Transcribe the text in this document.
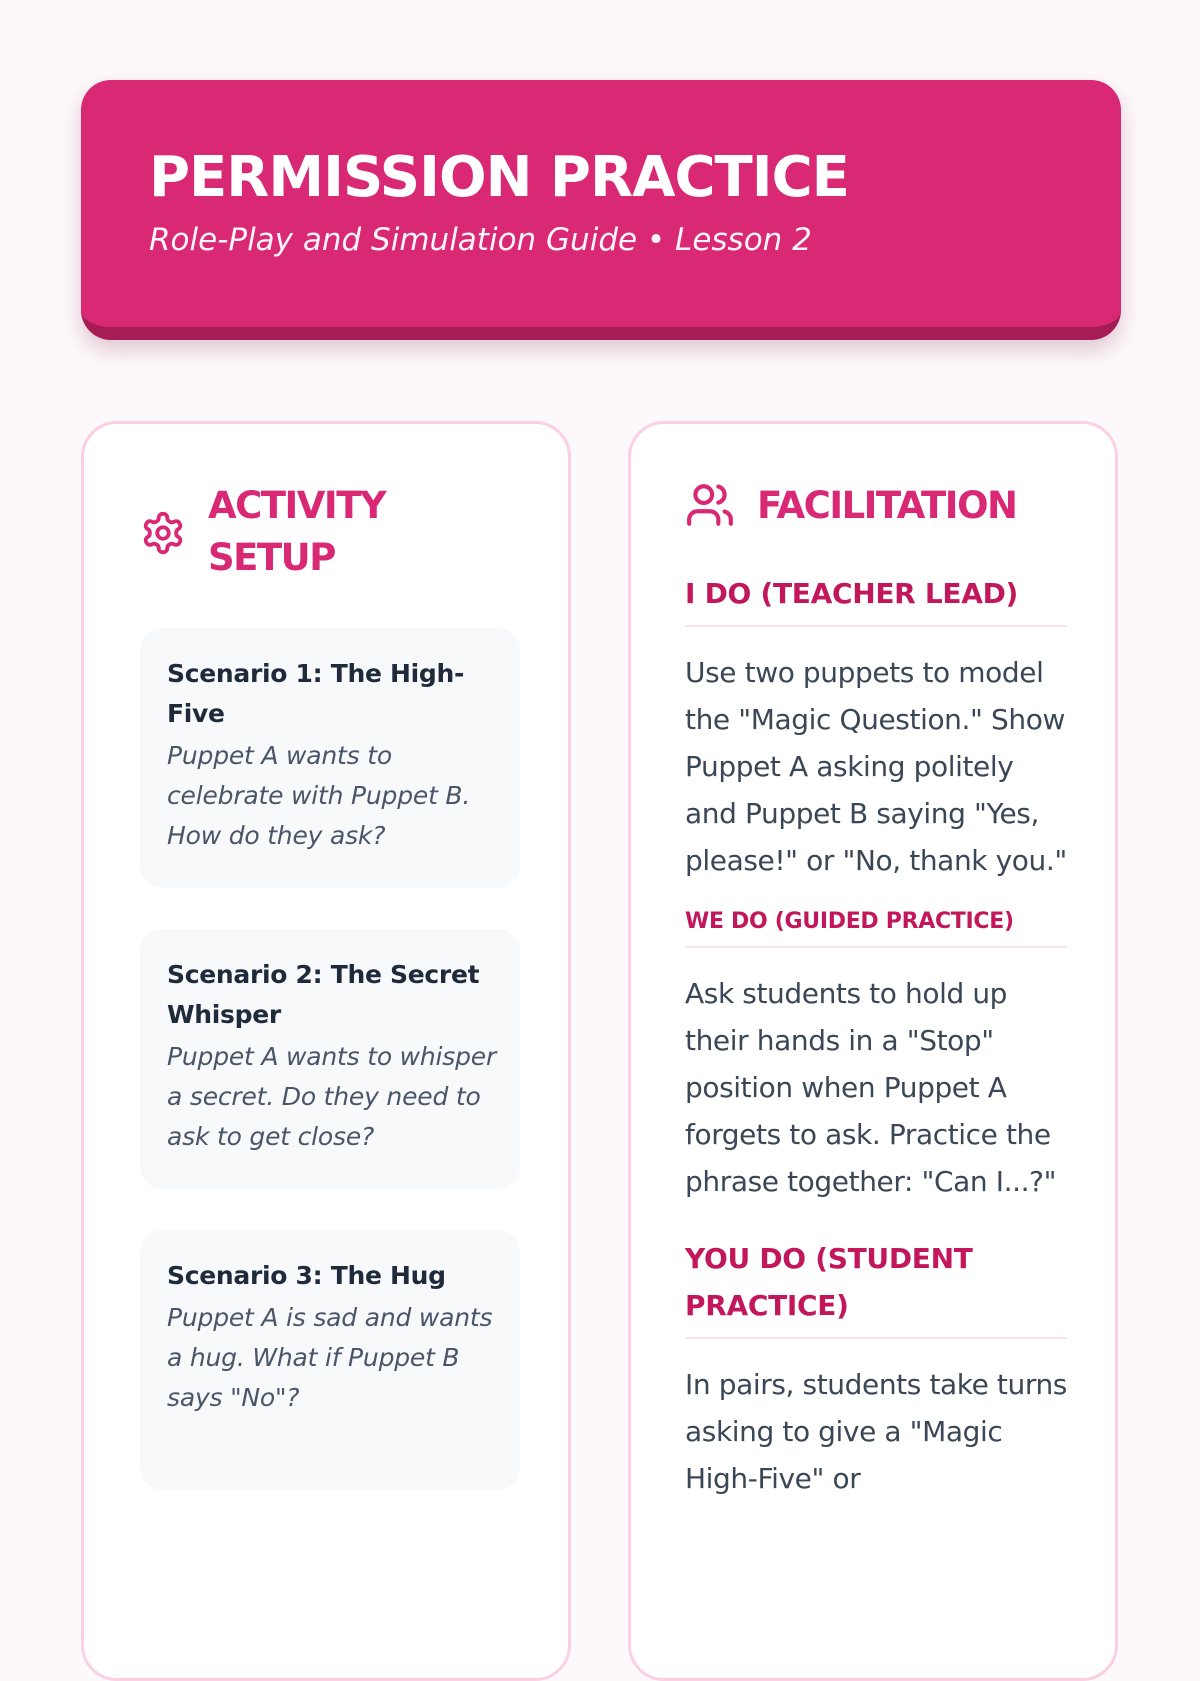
PERMISSION PRACTICE
Role-Play and Simulation Guide • Lesson 2
ACTIVITY SETUP
Scenario 1: The High-Five
Puppet A wants to celebrate with Puppet B. How do they ask?
Scenario 2: The Secret Whisper
Puppet A wants to whisper a secret. Do they need to ask to get close?
Scenario 3: The Hug
Puppet A is sad and wants a hug. What if Puppet B says "No"?
FACILITATION
I DO (TEACHER LEAD)
Use two puppets to model the "Magic Question." Show Puppet A asking politely and Puppet B saying "Yes, please!" or "No, thank you."
WE DO (GUIDED PRACTICE)
Ask students to hold up their hands in a "Stop" position when Puppet A forgets to ask. Practice the phrase together: "Can I...?"
YOU DO (STUDENT PRACTICE)
In pairs, students take turns asking to give a "Magic High-Five" or
